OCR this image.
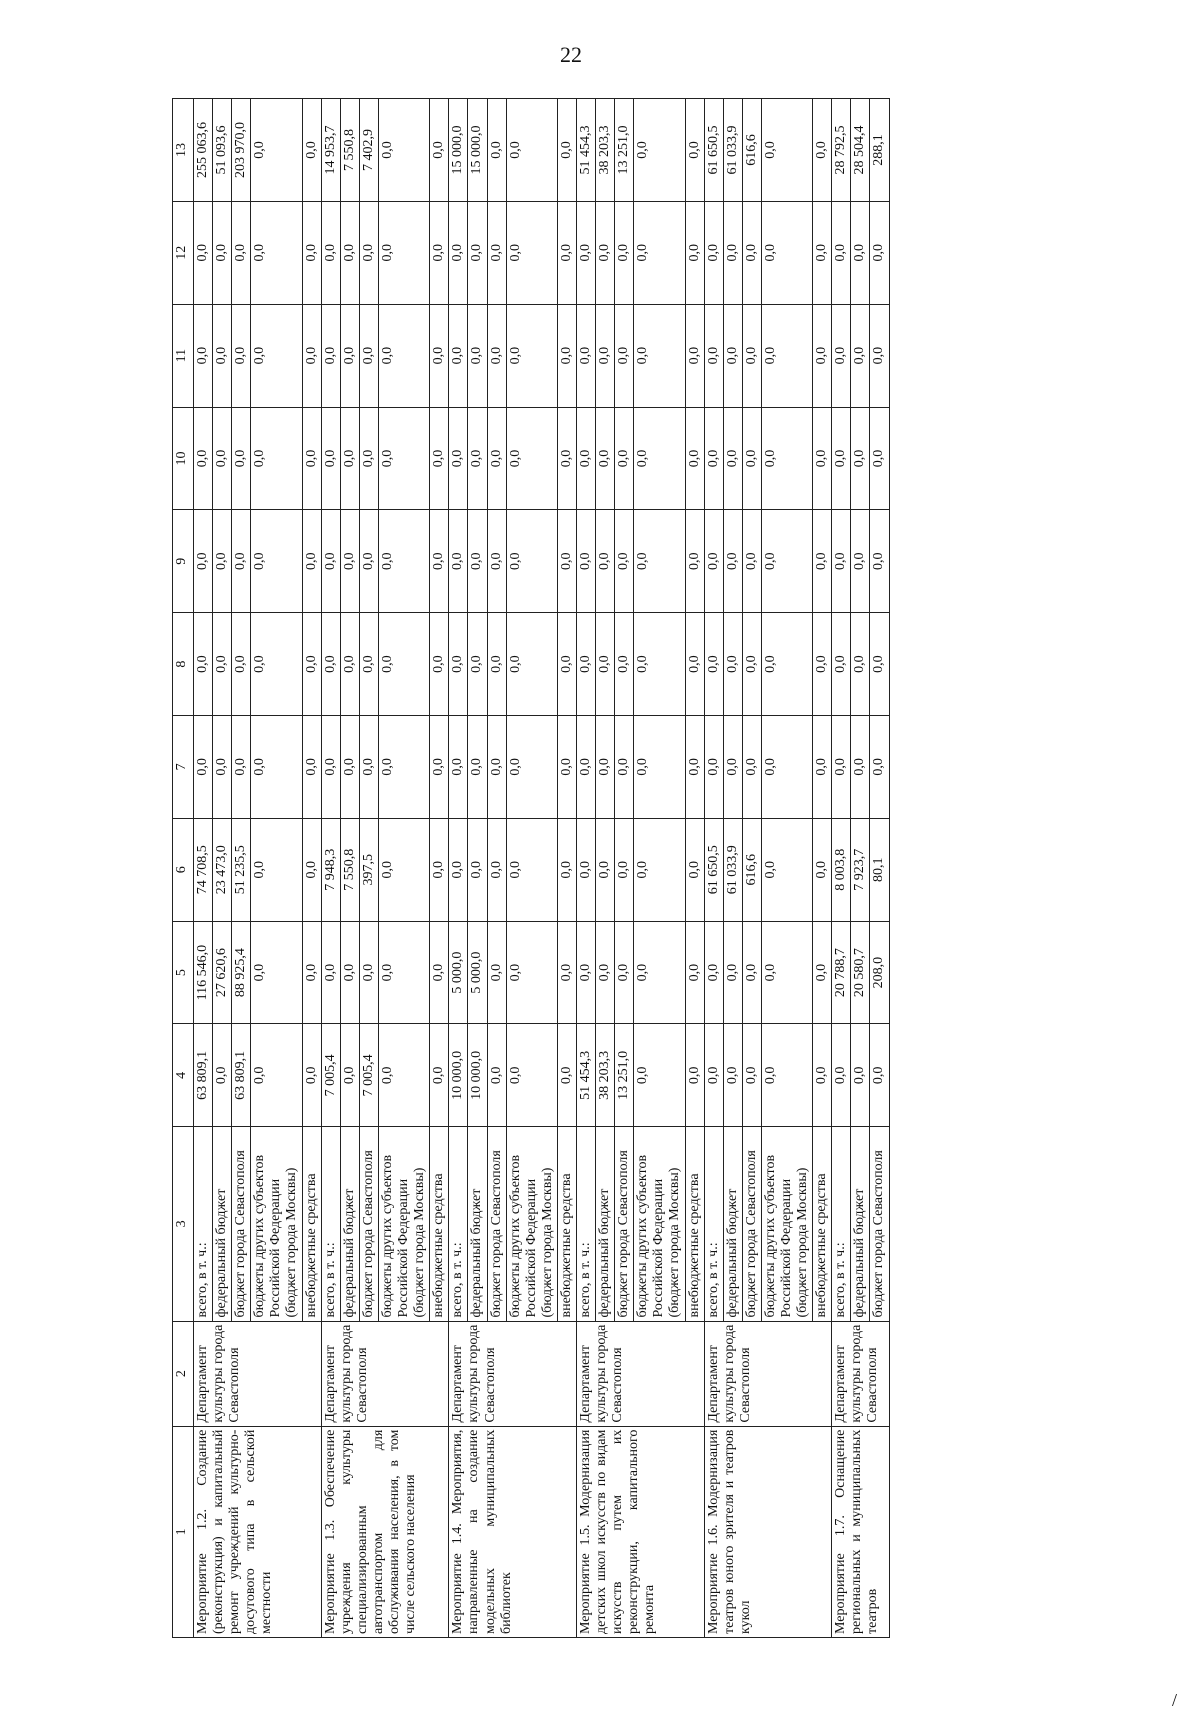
22
1	2	3	4	5	6	7	8	9	10	11	12	13
Мероприятие 1.2. Создание (реконструкция) и капитальный ремонт учреждений культурно-досугового типа в сельской местности	Департамент культуры города Севастополя	всего, в т. ч.:	63 809,1	116 546,0	74 708,5	0,0	0,0	0,0	0,0	0,0	0,0	255 063,6
		федеральный бюджет	0,0	27 620,6	23 473,0	0,0	0,0	0,0	0,0	0,0	0,0	51 093,6
		бюджет города Севастополя	63 809,1	88 925,4	51 235,5	0,0	0,0	0,0	0,0	0,0	0,0	203 970,0
		бюджеты других субъектов Российской Федерации (бюджет города Москвы)	0,0	0,0	0,0	0,0	0,0	0,0	0,0	0,0	0,0	0,0
		внебюджетные средства	0,0	0,0	0,0	0,0	0,0	0,0	0,0	0,0	0,0	0,0
Мероприятие 1.3. Обеспечение учреждения культуры специализированным автотранспортом для обслуживания населения, в том числе сельского населения	Департамент культуры города Севастополя	всего, в т. ч.:	7 005,4	0,0	7 948,3	0,0	0,0	0,0	0,0	0,0	0,0	14 953,7
		федеральный бюджет	0,0	0,0	7 550,8	0,0	0,0	0,0	0,0	0,0	0,0	7 550,8
		бюджет города Севастополя	7 005,4	0,0	397,5	0,0	0,0	0,0	0,0	0,0	0,0	7 402,9
		бюджеты других субъектов Российской Федерации (бюджет города Москвы)	0,0	0,0	0,0	0,0	0,0	0,0	0,0	0,0	0,0	0,0
		внебюджетные средства	0,0	0,0	0,0	0,0	0,0	0,0	0,0	0,0	0,0	0,0
Мероприятие 1.4. Мероприятия, направленные на создание модельных муниципальных библиотек	Департамент культуры города Севастополя	всего, в т. ч.:	10 000,0	5 000,0	0,0	0,0	0,0	0,0	0,0	0,0	0,0	15 000,0
		федеральный бюджет	10 000,0	5 000,0	0,0	0,0	0,0	0,0	0,0	0,0	0,0	15 000,0
		бюджет города Севастополя	0,0	0,0	0,0	0,0	0,0	0,0	0,0	0,0	0,0	0,0
		бюджеты других субъектов Российской Федерации (бюджет города Москвы)	0,0	0,0	0,0	0,0	0,0	0,0	0,0	0,0	0,0	0,0
		внебюджетные средства	0,0	0,0	0,0	0,0	0,0	0,0	0,0	0,0	0,0	0,0
Мероприятие 1.5. Модернизация детских школ искусств по видам искусств путем их реконструкции, капитального ремонта	Департамент культуры города Севастополя	всего, в т. ч.:	51 454,3	0,0	0,0	0,0	0,0	0,0	0,0	0,0	0,0	51 454,3
		федеральный бюджет	38 203,3	0,0	0,0	0,0	0,0	0,0	0,0	0,0	0,0	38 203,3
		бюджет города Севастополя	13 251,0	0,0	0,0	0,0	0,0	0,0	0,0	0,0	0,0	13 251,0
		бюджеты других субъектов Российской Федерации (бюджет города Москвы)	0,0	0,0	0,0	0,0	0,0	0,0	0,0	0,0	0,0	0,0
		внебюджетные средства	0,0	0,0	0,0	0,0	0,0	0,0	0,0	0,0	0,0	0,0
Мероприятие 1.6. Модернизация театров юного зрителя и театров кукол	Департамент культуры города Севастополя	всего, в т. ч.:	0,0	0,0	61 650,5	0,0	0,0	0,0	0,0	0,0	0,0	61 650,5
		федеральный бюджет	0,0	0,0	61 033,9	0,0	0,0	0,0	0,0	0,0	0,0	61 033,9
		бюджет города Севастополя	0,0	0,0	616,6	0,0	0,0	0,0	0,0	0,0	0,0	616,6
		бюджеты других субъектов Российской Федерации (бюджет города Москвы)	0,0	0,0	0,0	0,0	0,0	0,0	0,0	0,0	0,0	0,0
		внебюджетные средства	0,0	0,0	0,0	0,0	0,0	0,0	0,0	0,0	0,0	0,0
Мероприятие 1.7. Оснащение региональных и муниципальных театров	Департамент культуры города Севастополя	всего, в т. ч.:	0,0	20 788,7	8 003,8	0,0	0,0	0,0	0,0	0,0	0,0	28 792,5
		федеральный бюджет	0,0	20 580,7	7 923,7	0,0	0,0	0,0	0,0	0,0	0,0	28 504,4
		бюджет города Севастополя	0,0	208,0	80,1	0,0	0,0	0,0	0,0	0,0	0,0	288,1
/
